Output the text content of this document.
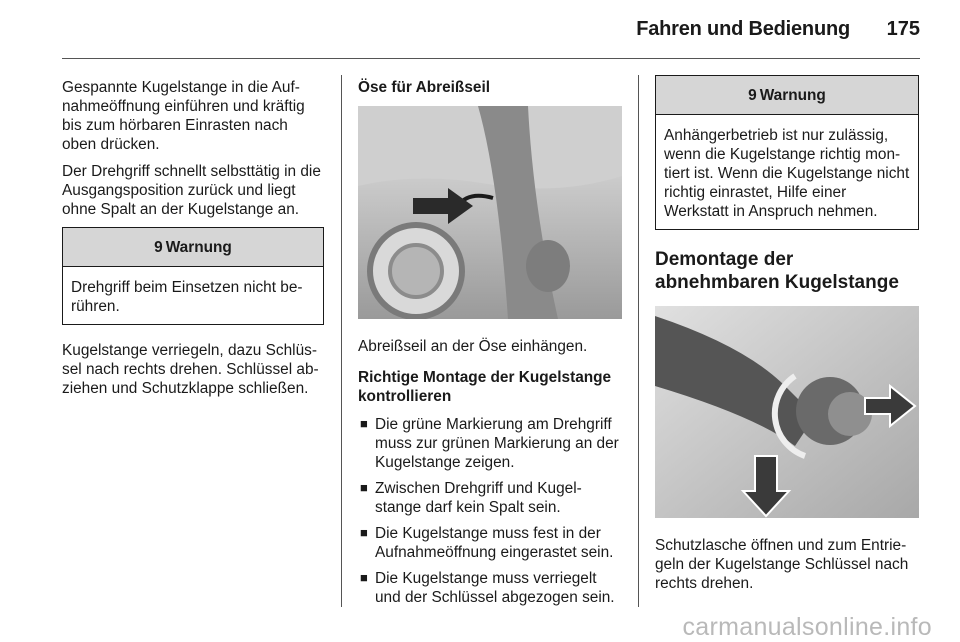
Fahren und Bedienung	175

Gespannte Kugelstange in die Aufnahmeöffnung einführen und kräftig bis zum hörbaren Einrasten nach oben drücken.

Der Drehgriff schnellt selbsttätig in die Ausgangsposition zurück und liegt ohne Spalt an der Kugelstange an.

9 Warnung
Drehgriff beim Einsetzen nicht berühren.

Kugelstange verriegeln, dazu Schlüssel nach rechts drehen. Schlüssel abziehen und Schutzklappe schließen.

Öse für Abreißseil

Abreißseil an der Öse einhängen.

Richtige Montage der Kugelstange kontrollieren
■ Die grüne Markierung am Drehgriff muss zur grünen Markierung an der Kugelstange zeigen.
■ Zwischen Drehgriff und Kugelstange darf kein Spalt sein.
■ Die Kugelstange muss fest in der Aufnahmeöffnung eingerastet sein.
■ Die Kugelstange muss verriegelt und der Schlüssel abgezogen sein.
9 Warnung
Anhängerbetrieb ist nur zulässig, wenn die Kugelstange richtig montiert ist. Wenn die Kugelstange nicht richtig einrastet, Hilfe einer Werkstatt in Anspruch nehmen.
Demontage der abnehmbaren Kugelstange

Schutzlasche öffnen und zum Entriegeln der Kugelstange Schlüssel nach rechts drehen.

carmanualsonline.info
